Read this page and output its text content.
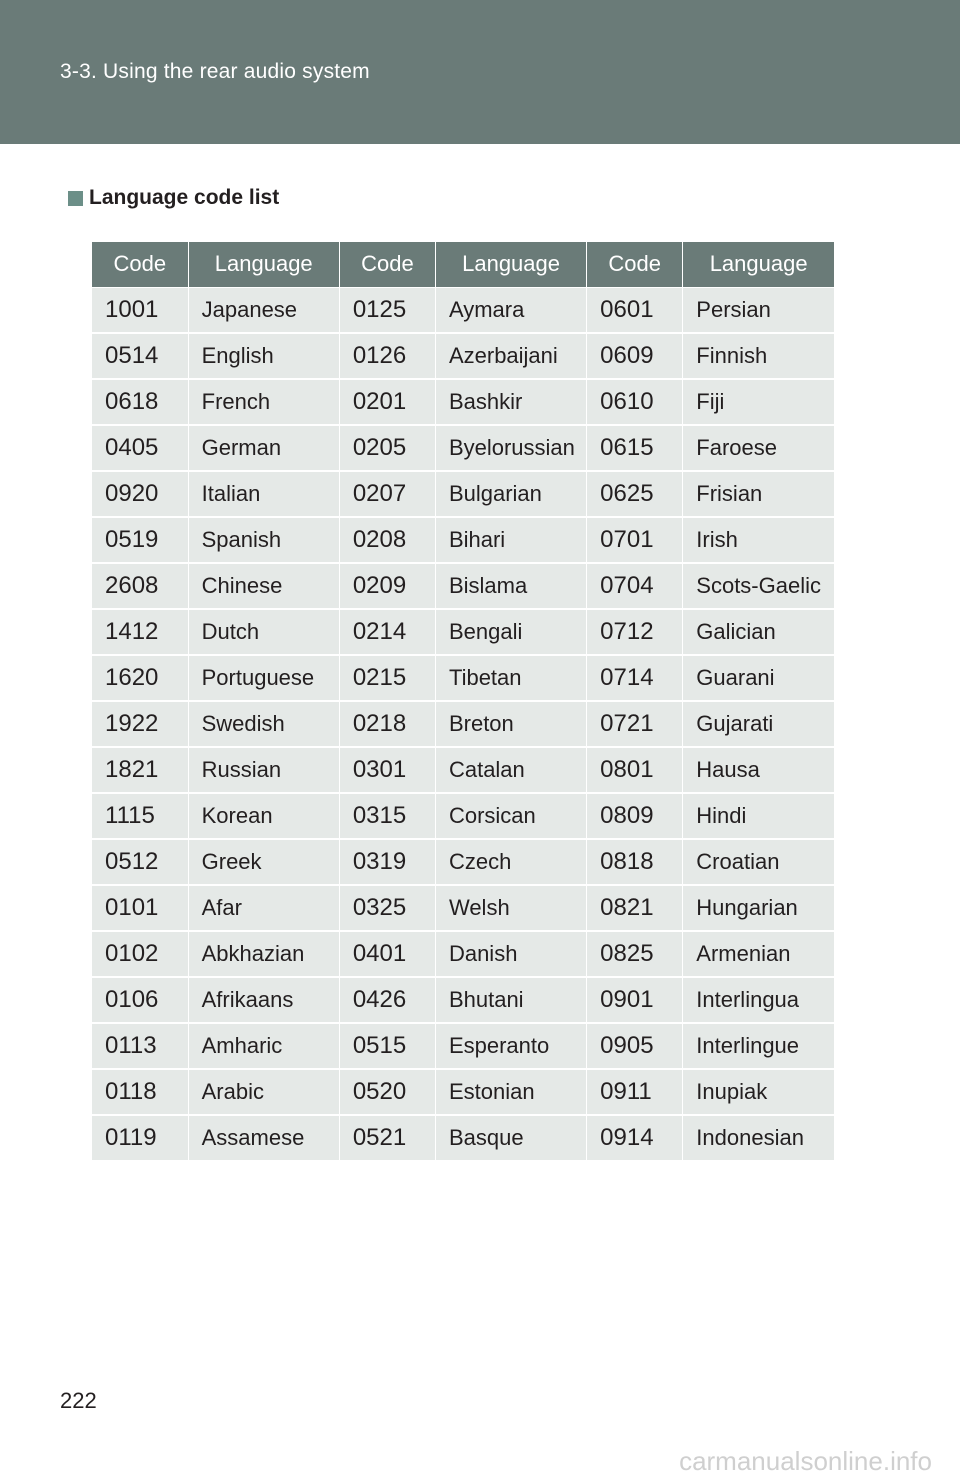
3-3. Using the rear audio system
Language code list
Code	Language	Code	Language	Code	Language
1001	Japanese	0125	Aymara	0601	Persian
0514	English	0126	Azerbaijani	0609	Finnish
0618	French	0201	Bashkir	0610	Fiji
0405	German	0205	Byelorussian	0615	Faroese
0920	Italian	0207	Bulgarian	0625	Frisian
0519	Spanish	0208	Bihari	0701	Irish
2608	Chinese	0209	Bislama	0704	Scots-Gaelic
1412	Dutch	0214	Bengali	0712	Galician
1620	Portuguese	0215	Tibetan	0714	Guarani
1922	Swedish	0218	Breton	0721	Gujarati
1821	Russian	0301	Catalan	0801	Hausa
1115	Korean	0315	Corsican	0809	Hindi
0512	Greek	0319	Czech	0818	Croatian
0101	Afar	0325	Welsh	0821	Hungarian
0102	Abkhazian	0401	Danish	0825	Armenian
0106	Afrikaans	0426	Bhutani	0901	Interlingua
0113	Amharic	0515	Esperanto	0905	Interlingue
0118	Arabic	0520	Estonian	0911	Inupiak
0119	Assamese	0521	Basque	0914	Indonesian
222
carmanualsonline.info
